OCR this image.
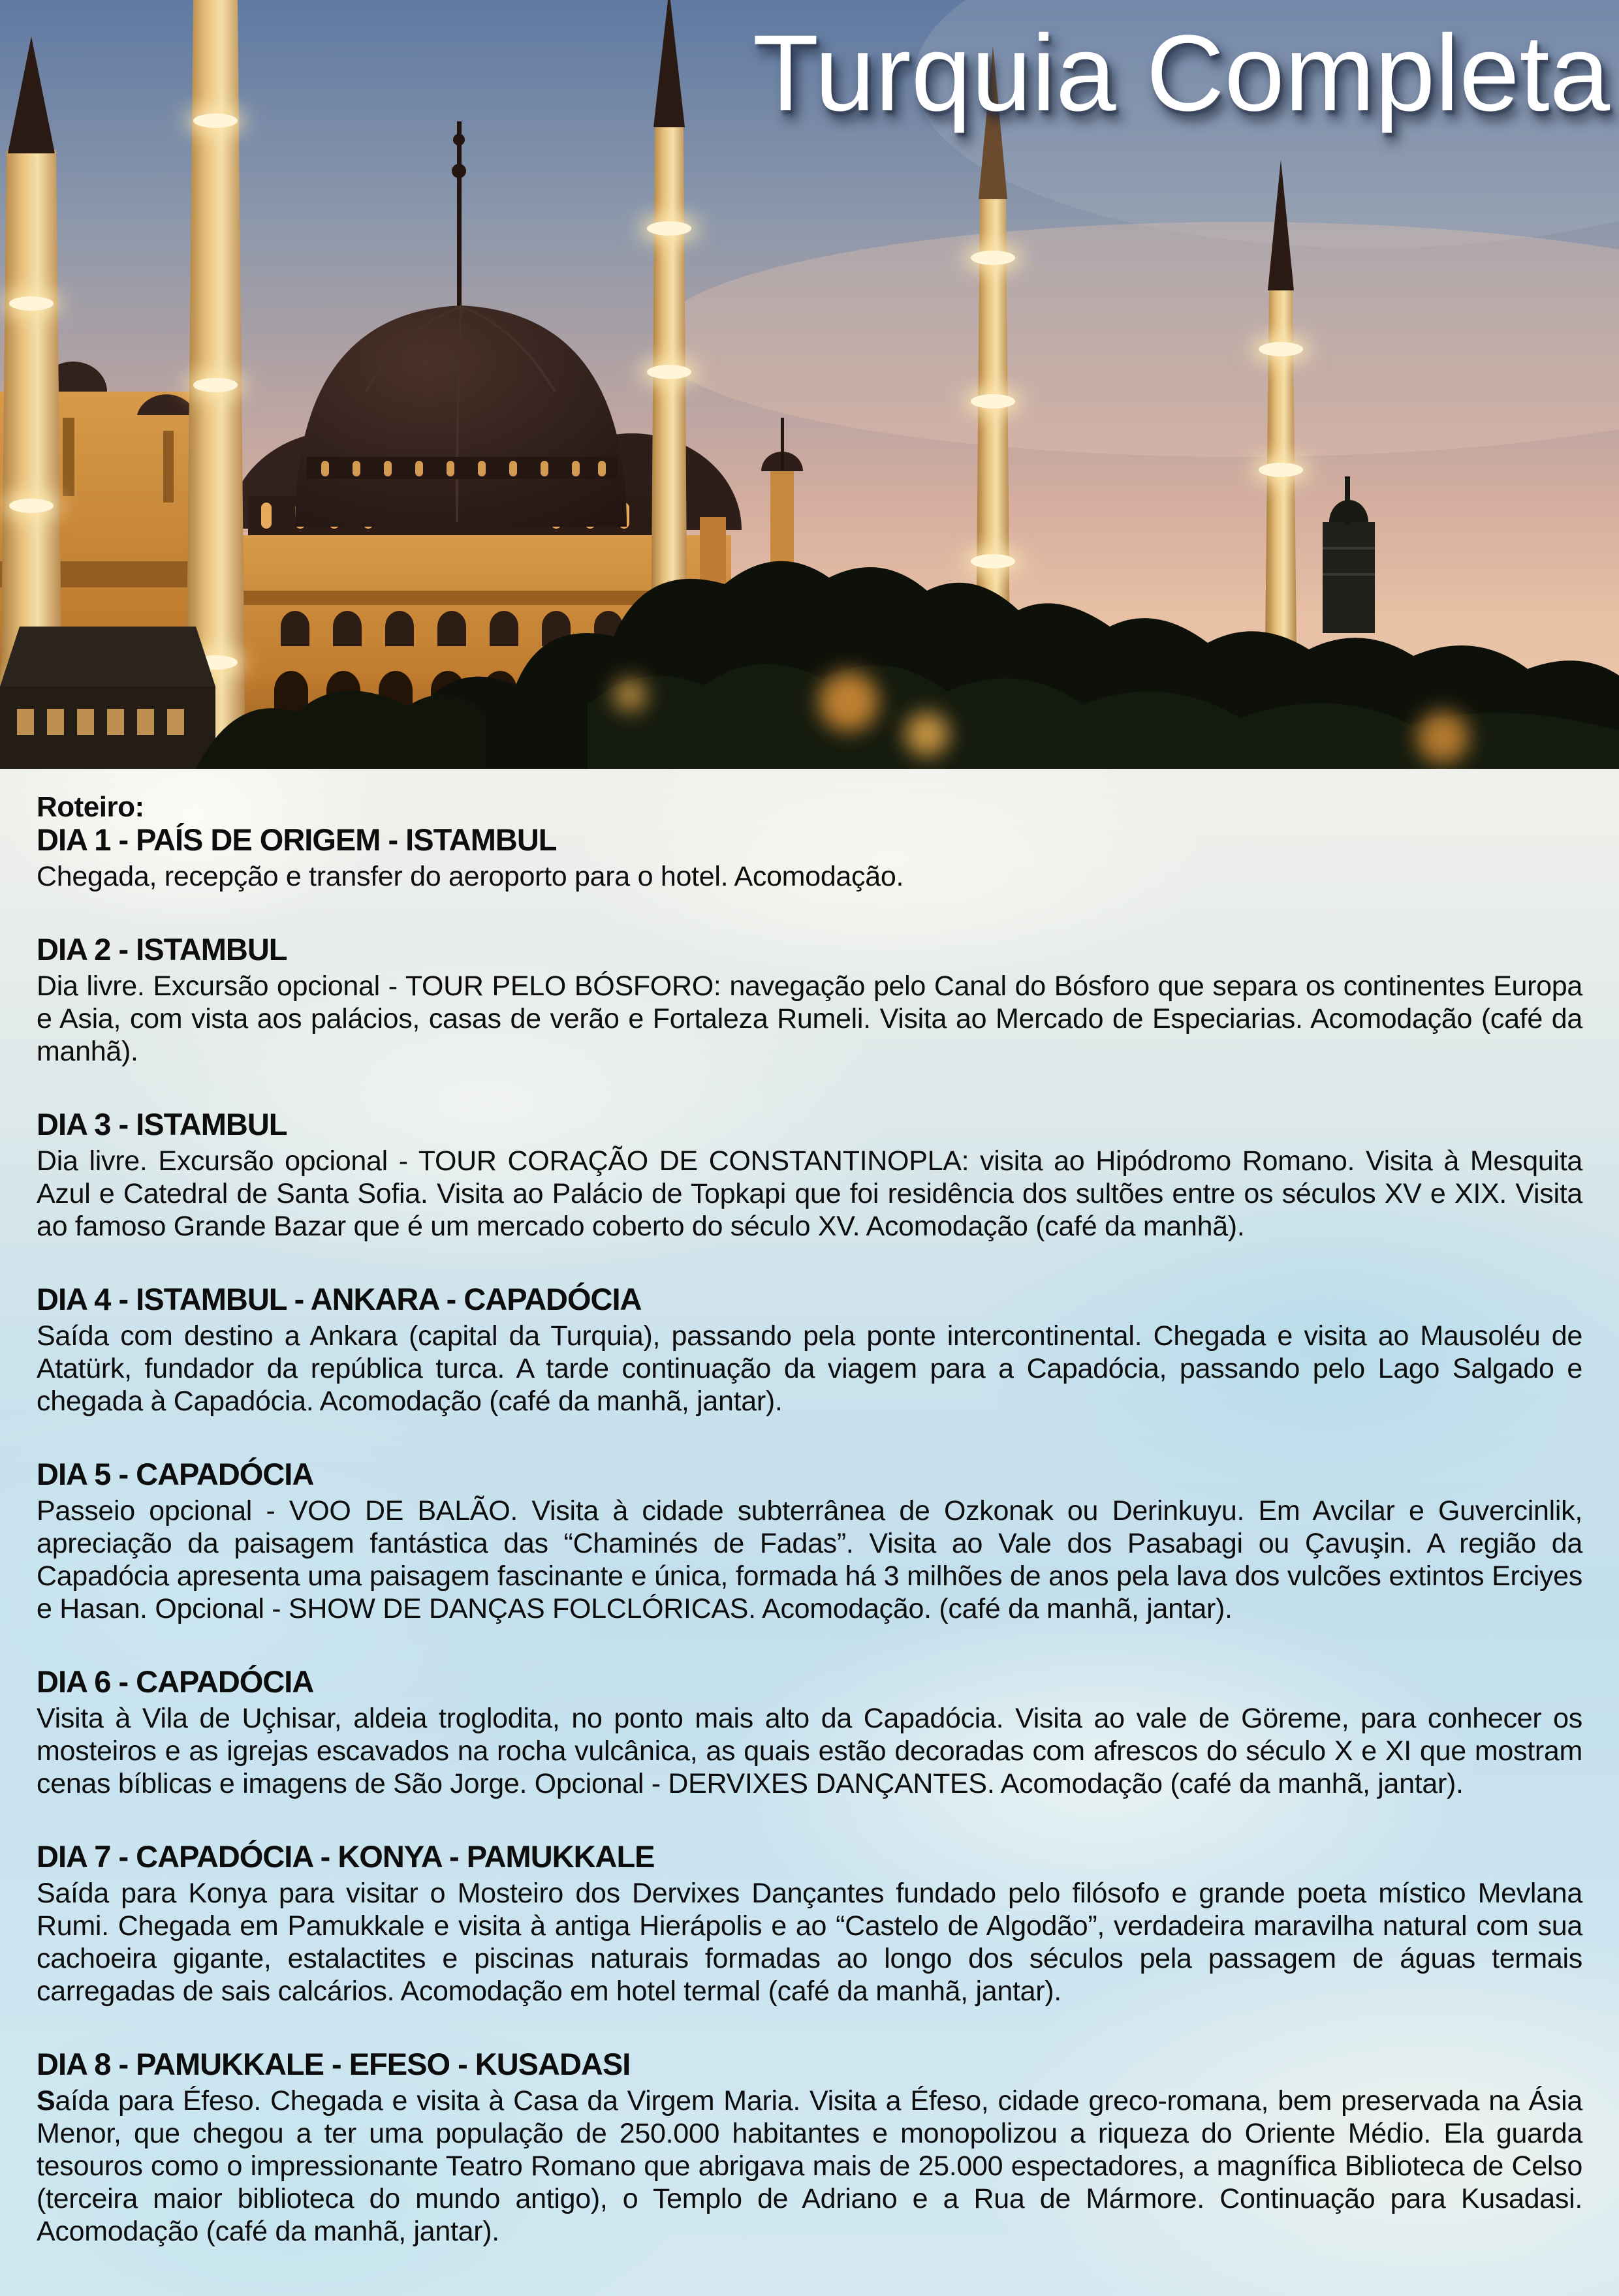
Turquia Completa

Roteiro:

DIA 1 - PAÍS DE ORIGEM - ISTAMBUL

Chegada, recepção e transfer do aeroporto para o hotel. Acomodação.

DIA 2 - ISTAMBUL

Dia livre. Excursão opcional - TOUR PELO BÓSFORO: navegação pelo Canal do Bósforo que separa os continentes Europa e Asia, com vista aos palácios, casas de verão e Fortaleza Rumeli. Visita ao Mercado de Especiarias. Acomodação (café da manhã).

DIA 3 - ISTAMBUL

Dia livre. Excursão opcional - TOUR CORAÇÃO DE CONSTANTINOPLA: visita ao Hipódromo Romano. Visita à Mesquita Azul e Catedral de Santa Sofia. Visita ao Palácio de Topkapi que foi residência dos sultões entre os séculos XV e XIX. Visita ao famoso Grande Bazar que é um mercado coberto do século XV. Acomodação (café da manhã).

DIA 4 - ISTAMBUL - ANKARA - CAPADÓCIA

Saída com destino a Ankara (capital da Turquia), passando pela ponte intercontinental. Chegada e visita ao Mausoléu de Atatürk, fundador da república turca. A tarde continuação da viagem para a Capadócia, passando pelo Lago Salgado e chegada à Capadócia. Acomodação (café da manhã, jantar).

DIA 5 - CAPADÓCIA

Passeio opcional - VOO DE BALÃO. Visita à cidade subterrânea de Ozkonak ou Derinkuyu. Em Avcilar e Guvercinlik, apreciação da paisagem fantástica das “Chaminés de Fadas”. Visita ao Vale dos Pasabagi ou Çavuşin. A região da Capadócia apresenta uma paisagem fascinante e única, formada há 3 milhões de anos pela lava dos vulcões extintos Erciyes e Hasan. Opcional - SHOW DE DANÇAS FOLCLÓRICAS. Acomodação. (café da manhã, jantar).

DIA 6 - CAPADÓCIA

Visita à Vila de Uçhisar, aldeia troglodita, no ponto mais alto da Capadócia. Visita ao vale de Göreme, para conhecer os mosteiros e as igrejas escavados na rocha vulcânica, as quais estão decoradas com afrescos do século X e XI que mostram cenas bíblicas e imagens de São Jorge. Opcional - DERVIXES DANÇANTES. Acomodação (café da manhã, jantar).

DIA 7 - CAPADÓCIA - KONYA - PAMUKKALE

Saída para Konya para visitar o Mosteiro dos Dervixes Dançantes fundado pelo filósofo e grande poeta místico Mevlana Rumi. Chegada em Pamukkale e visita à antiga Hierápolis e ao “Castelo de Algodão”, verdadeira maravilha natural com sua cachoeira gigante, estalactites e piscinas naturais formadas ao longo dos séculos pela passagem de águas termais carregadas de sais calcários. Acomodação em hotel termal (café da manhã, jantar).

DIA 8 - PAMUKKALE - EFESO - KUSADASI

Saída para Éfeso. Chegada e visita à Casa da Virgem Maria. Visita a Éfeso, cidade greco-romana, bem preservada na Ásia Menor, que chegou a ter uma população de 250.000 habitantes e monopolizou a riqueza do Oriente Médio. Ela guarda tesouros como o impressionante Teatro Romano que abrigava mais de 25.000 espectadores, a magnífica Biblioteca de Celso (terceira maior biblioteca do mundo antigo), o Templo de Adriano e a Rua de Mármore. Continuação para Kusadasi. Acomodação (café da manhã, jantar).
